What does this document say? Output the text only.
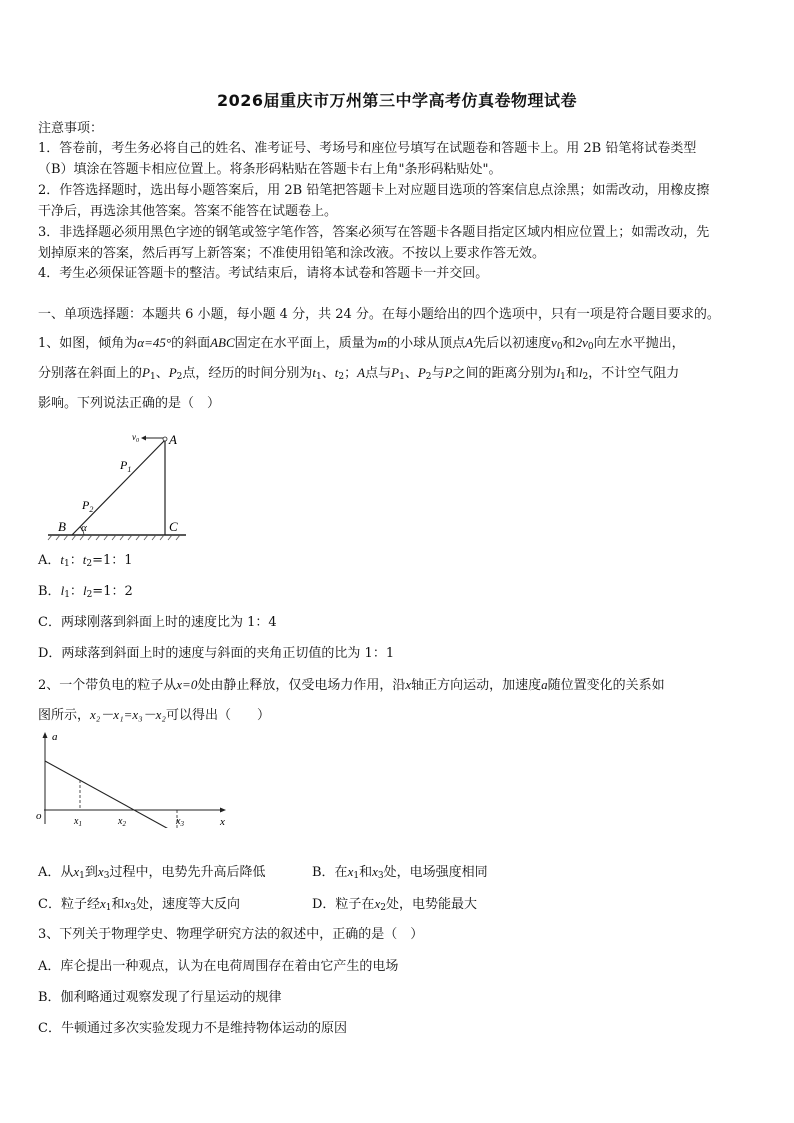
2026届重庆市万州第三中学高考仿真卷物理试卷
注意事项：
1．答卷前，考生务必将自己的姓名、准考证号、考场号和座位号填写在试题卷和答题卡上。用 2B 铅笔将试卷类型
（B）填涂在答题卡相应位置上。将条形码粘贴在答题卡右上角"条形码粘贴处"。
2．作答选择题时，选出每小题答案后，用 2B 铅笔把答题卡上对应题目选项的答案信息点涂黑；如需改动，用橡皮擦
干净后，再选涂其他答案。答案不能答在试题卷上。
3．非选择题必须用黑色字迹的钢笔或签字笔作答，答案必须写在答题卡各题目指定区域内相应位置上；如需改动，先
划掉原来的答案，然后再写上新答案；不准使用铅笔和涂改液。不按以上要求作答无效。
4．考生必须保证答题卡的整洁。考试结束后，请将本试卷和答题卡一并交回。
一、单项选择题：本题共 6 小题，每小题 4 分，共 24 分。在每小题给出的四个选项中，只有一项是符合题目要求的。
1、如图，倾角为α=45°的斜面ABC固定在水平面上，质量为m的小球从顶点A先后以初速度$v_0$和$2v_0$向左水平抛出，
分别落在斜面上的$P_1$、$P_2$点，经历的时间分别为$t_1$、$t_2$；A点与$P_1$、$P_2$与P之间的距离分别为$l_1$和$l_2$，不计空气阻力
影响。下列说法正确的是（　）
$v_0$ A
$P_1$
$P_2$
B α	C
A．$t_1$：$t_2=1$：1
B．$l_1$：$l_2=1$：2
C．两球刚落到斜面上时的速度比为 1：4
D．两球落到斜面上时的速度与斜面的夹角正切值的比为 1：1
2、一个带负电的粒子从x=0处由静止释放，仅受电场力作用，沿x轴正方向运动，加速度a随位置变化的关系如
图所示，x₂－x₁=x₃－x₂可以得出（　　）
a
o	$x_1$	$x_2$	$x_3$	x
A．从$x_1$到$x_3$过程中，电势先升高后降低	B．在$x_1$和$x_3$处，电场强度相同
C．粒子经$x_1$和$x_3$处，速度等大反向	D．粒子在$x_2$处，电势能最大
3、下列关于物理学史、物理学研究方法的叙述中，正确的是（　）
A．库仑提出一种观点，认为在电荷周围存在着由它产生的电场
B．伽利略通过观察发现了行星运动的规律
C．牛顿通过多次实验发现力不是维持物体运动的原因
